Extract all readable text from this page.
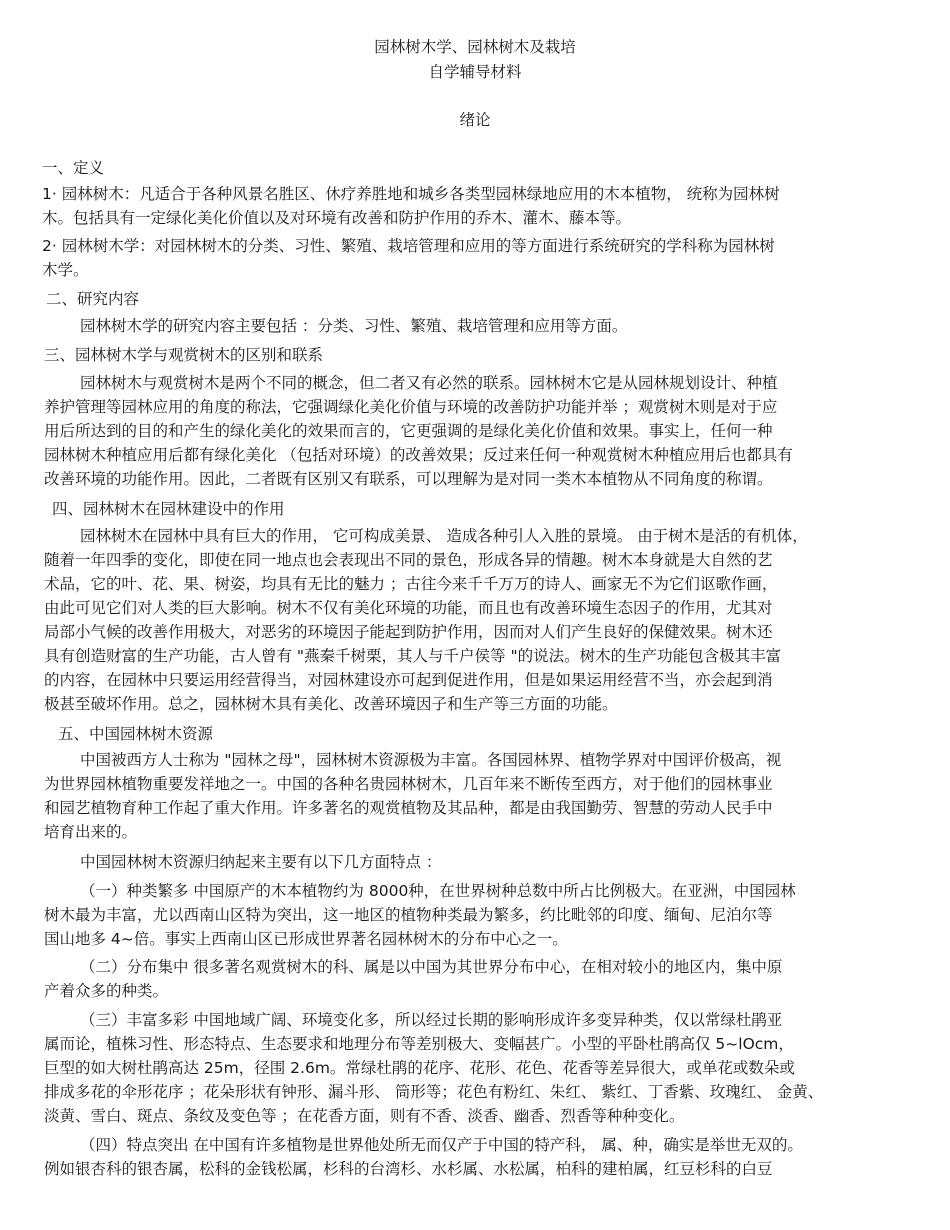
园林树木学、园林树木及栽培

自学辅导材料

绪论

一、定义

1· 园林树木：凡适合于各种风景名胜区、休疗养胜地和城乡各类型园林绿地应用的木本植物， 统称为园林树

木。包括具有一定绿化美化价值以及对环境有改善和防护作用的乔木、灌木、藤本等。

2· 园林树木学：对园林树木的分类、习性、繁殖、栽培管理和应用的等方面进行系统研究的学科称为园林树

木学。

二、研究内容

园林树木学的研究内容主要包括 ：分类、习性、繁殖、栽培管理和应用等方面。

三、园林树木学与观赏树木的区别和联系

园林树木与观赏树木是两个不同的概念，但二者又有必然的联系。园林树木它是从园林规划设计、种植

养护管理等园林应用的角度的称法，它强调绿化美化价值与环境的改善防护功能并举 ；观赏树木则是对于应

用后所达到的目的和产生的绿化美化的效果而言的，它更强调的是绿化美化价值和效果。事实上，任何一种

园林树木种植应用后都有绿化美化 （包括对环境）的改善效果；反过来任何一种观赏树木种植应用后也都具有

改善环境的功能作用。因此，二者既有区别又有联系，可以理解为是对同一类木本植物从不同角度的称谓。

四、园林树木在园林建设中的作用

园林树木在园林中具有巨大的作用， 它可构成美景、 造成各种引人入胜的景境。 由于树木是活的有机体，

随着一年四季的变化，即使在同一地点也会表现出不同的景色，形成各异的情趣。树木本身就是大自然的艺

术品，它的叶、花、果、树姿，均具有无比的魅力 ；古往今来千千万万的诗人、画家无不为它们讴歌作画，

由此可见它们对人类的巨大影响。树木不仅有美化环境的功能，而且也有改善环境生态因子的作用，尤其对

局部小气候的改善作用极大，对恶劣的环境因子能起到防护作用，因而对人们产生良好的保健效果。树木还

具有创造财富的生产功能，古人曾有 "燕秦千树栗，其人与千户侯等 "的说法。树木的生产功能包含极其丰富

的内容，在园林中只要运用经营得当，对园林建设亦可起到促进作用，但是如果运用经营不当，亦会起到消

极甚至破坏作用。总之，园林树木具有美化、改善环境因子和生产等三方面的功能。

五、中国园林树木资源

中国被西方人士称为 "园林之母"，园林树木资源极为丰富。各国园林界、植物学界对中国评价极高，视

为世界园林植物重要发祥地之一。中国的各种名贵园林树木，几百年来不断传至西方，对于他们的园林事业

和园艺植物育种工作起了重大作用。许多著名的观赏植物及其品种，都是由我国勤劳、智慧的劳动人民手中

培育出来的。

中国园林树木资源归纳起来主要有以下几方面特点 ：

（一）种类繁多 中国原产的木本植物约为 8000种，在世界树种总数中所占比例极大。在亚洲，中国园林

树木最为丰富，尤以西南山区特为突出，这一地区的植物种类最为繁多，约比毗邻的印度、缅甸、尼泊尔等

国山地多 4~倍。事实上西南山区已形成世界著名园林树木的分布中心之一。

（二）分布集中 很多著名观赏树木的科、属是以中国为其世界分布中心，在相对较小的地区内，集中原

产着众多的种类。

（三）丰富多彩 中国地域广阔、环境变化多，所以经过长期的影响形成许多变异种类，仅以常绿杜鹃亚

属而论，植株习性、形态特点、生态要求和地理分布等差别极大、变幅甚广。小型的平卧杜鹃高仅 5~lOcm，

巨型的如大树杜鹃高达 25m，径围 2.6m。常绿杜鹃的花序、花形、花色、花香等差异很大，或单花或数朵或

排成多花的伞形花序 ；花朵形状有钟形、漏斗形、 筒形等；花色有粉红、朱红、 紫红、丁香紫、玫瑰红、 金黄、

淡黄、雪白、斑点、条纹及变色等 ；在花香方面，则有不香、淡香、幽香、烈香等种种变化。

（四）特点突出 在中国有许多植物是世界他处所无而仅产于中国的特产科， 属、种，确实是举世无双的。

例如银杏科的银杏属，松科的金钱松属，杉科的台湾杉、水杉属、水松属，柏科的建柏属，红豆杉科的白豆
